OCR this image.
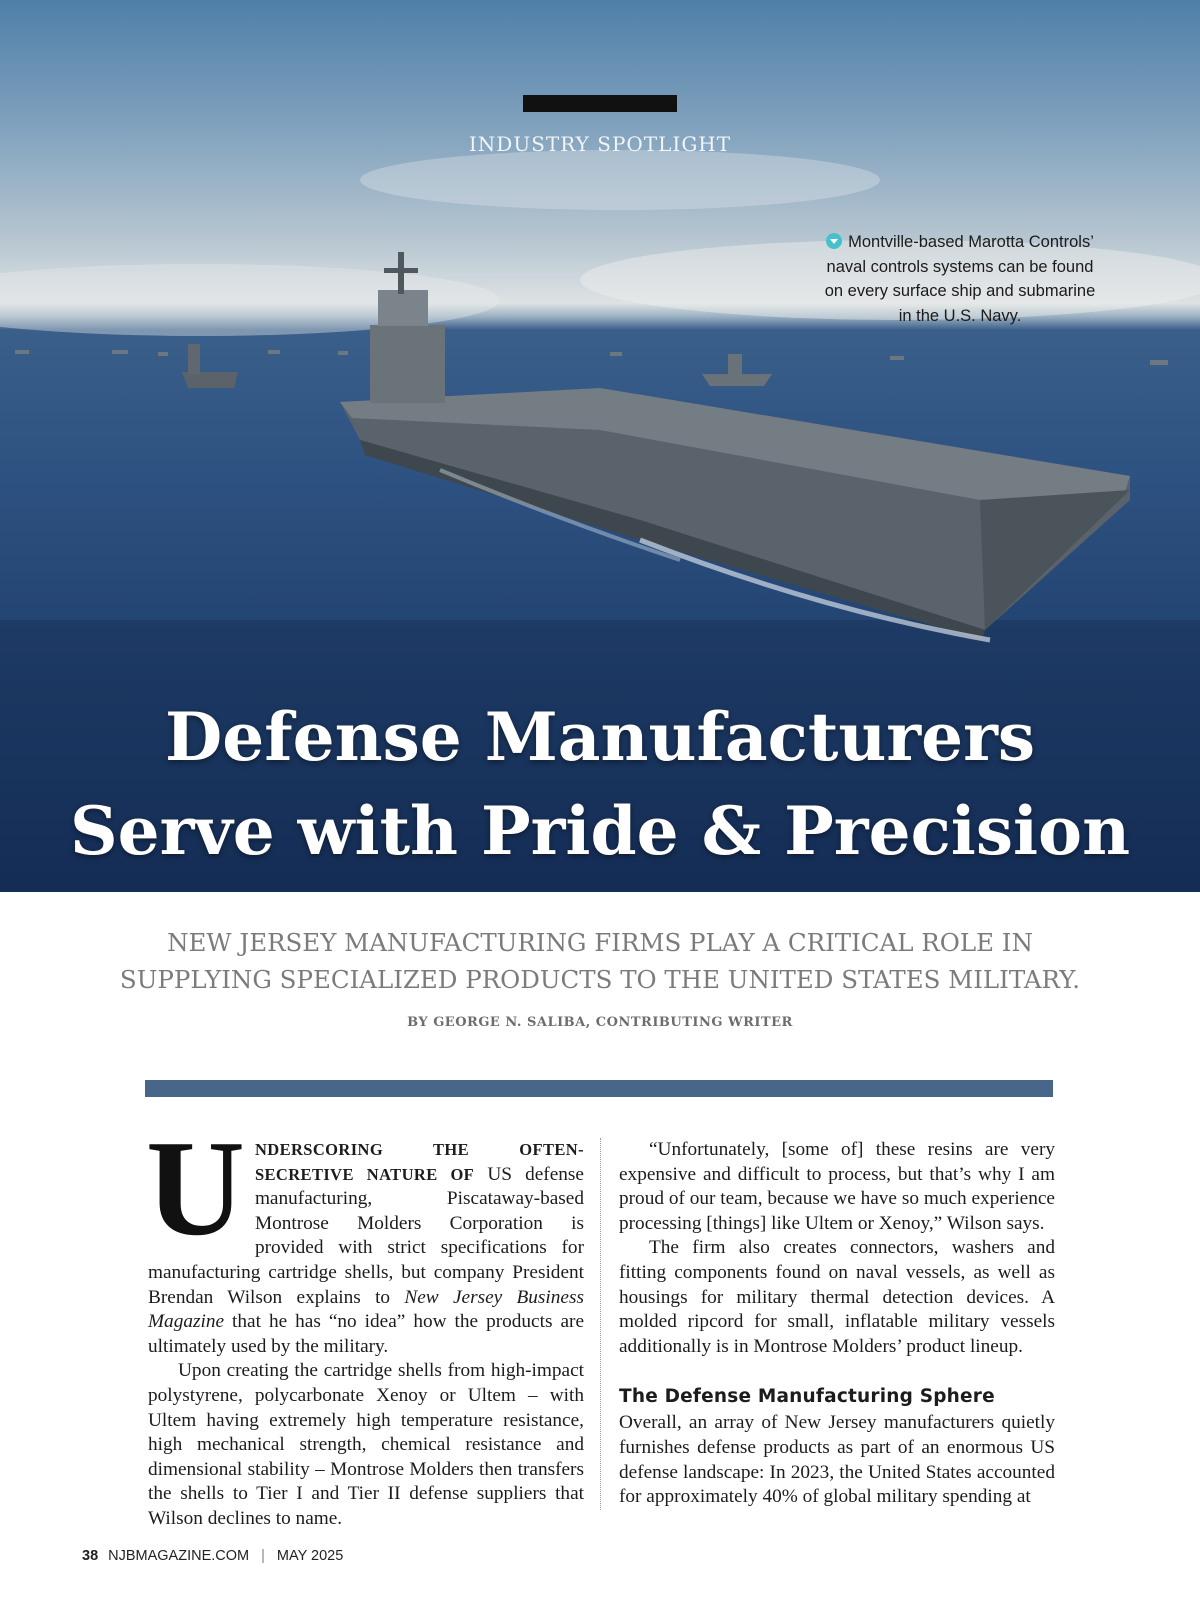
INDUSTRY SPOTLIGHT
Montville-based Marotta Controls’ naval controls systems can be found on every surface ship and submarine in the U.S. Navy.
Defense Manufacturers
Serve with Pride & Precision
NEW JERSEY MANUFACTURING FIRMS PLAY A CRITICAL ROLE IN
SUPPLYING SPECIALIZED PRODUCTS TO THE UNITED STATES MILITARY.
BY GEORGE N. SALIBA, CONTRIBUTING WRITER

UNDERSCORING THE OFTEN-SECRETIVE NATURE OF US defense manufacturing, Piscataway-based Montrose Molders Corporation is provided with strict specifications for manufacturing cartridge shells, but company President Brendan Wilson explains to New Jersey Business Magazine that he has “no idea” how the products are ultimately used by the military.

Upon creating the cartridge shells from high-impact polystyrene, polycarbonate Xenoy or Ultem – with Ultem having extremely high temperature resistance, high mechanical strength, chemical resistance and dimensional stability – Montrose Molders then transfers the shells to Tier I and Tier II defense suppliers that Wilson declines to name.

“Unfortunately, [some of] these resins are very expensive and difficult to process, but that’s why I am proud of our team, because we have so much experience processing [things] like Ultem or Xenoy,” Wilson says.

The firm also creates connectors, washers and fitting components found on naval vessels, as well as housings for military thermal detection devices. A molded ripcord for small, inflatable military vessels additionally is in Montrose Molders’ product lineup.

The Defense Manufacturing Sphere

Overall, an array of New Jersey manufacturers quietly furnishes defense products as part of an enormous US defense landscape: In 2023, the United States accounted for approximately 40% of global military spending at

38 NJBMAGAZINE.COM | MAY 2025
